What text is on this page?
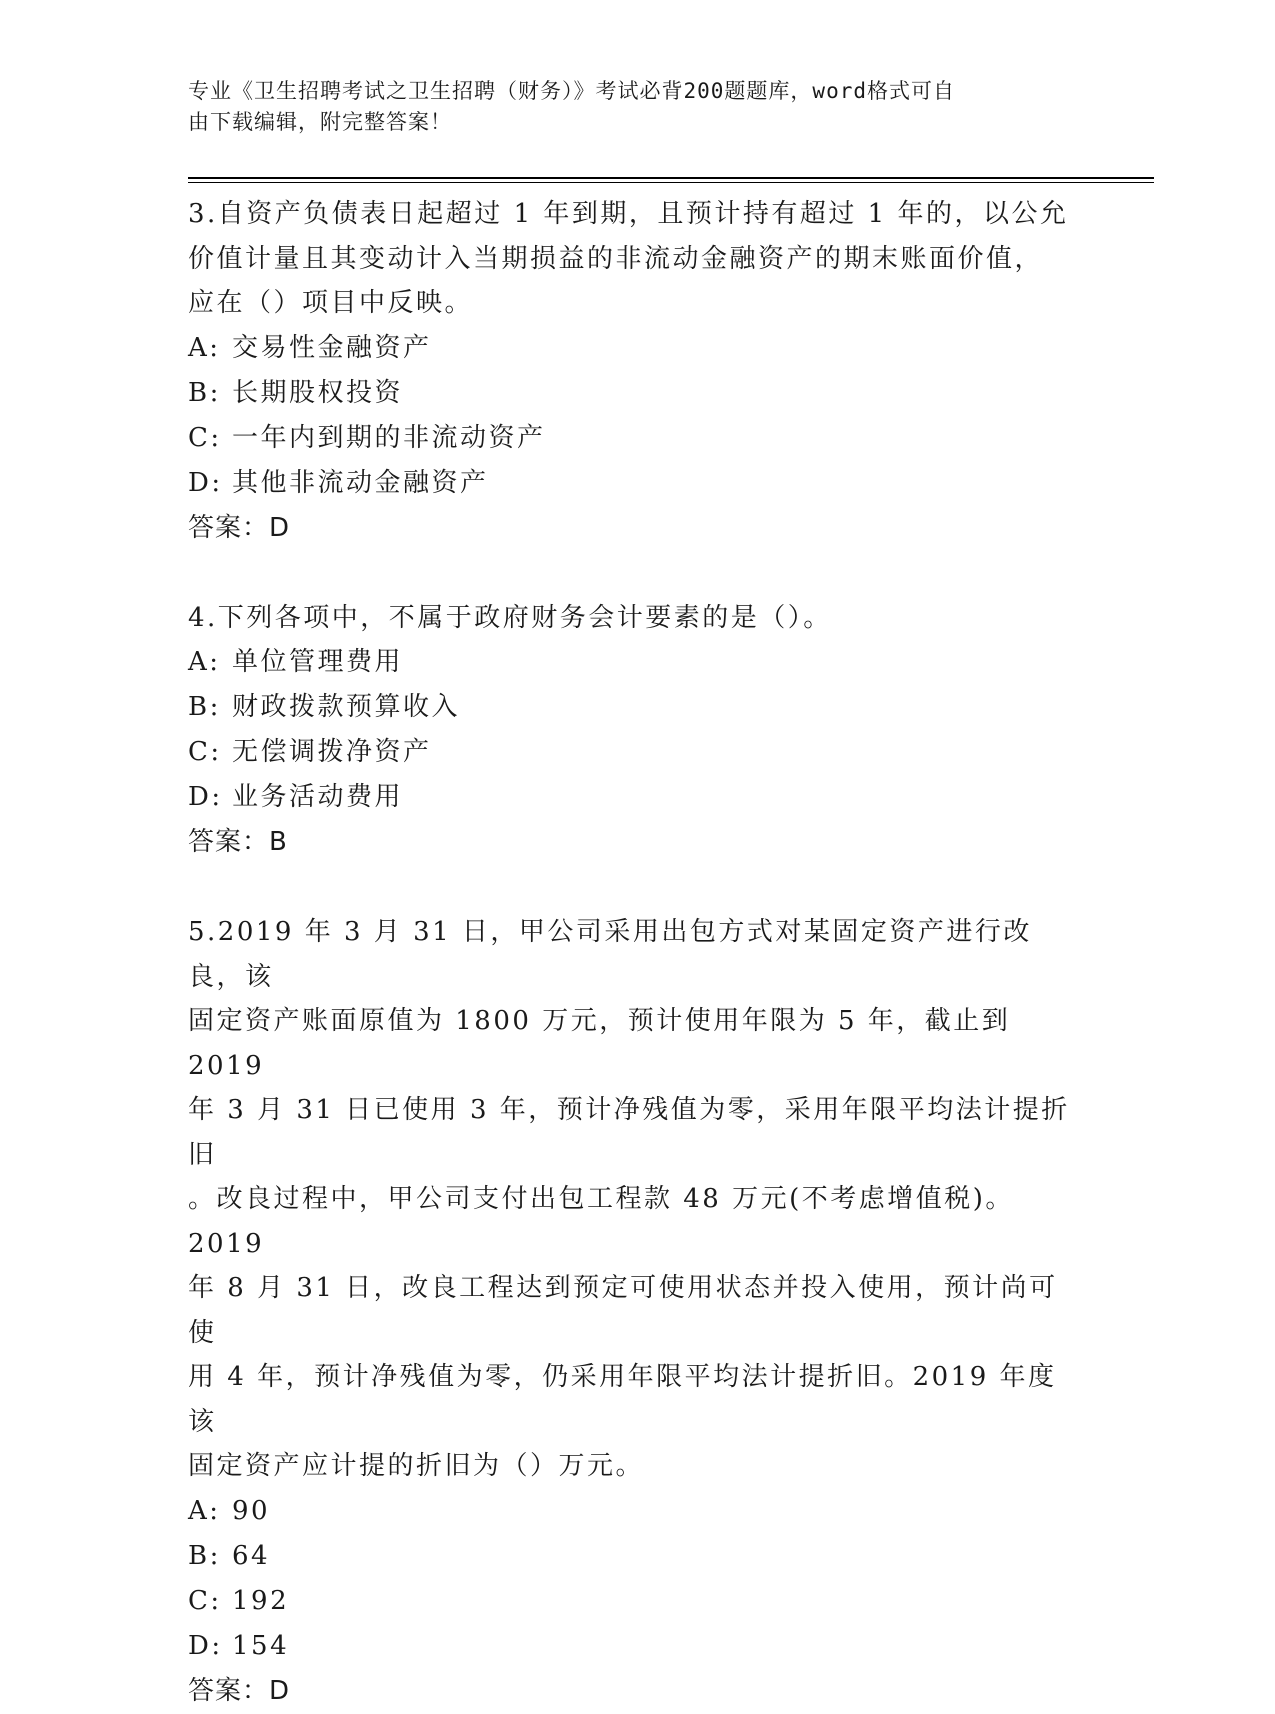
专业《卫生招聘考试之卫生招聘（财务）》考试必背200题题库，word格式可自
由下载编辑，附完整答案！
3.自资产负债表日起超过 1 年到期，且预计持有超过 1 年的，以公允
价值计量且其变动计入当期损益的非流动金融资产的期末账面价值，
应在（）项目中反映。
A: 交易性金融资产
B: 长期股权投资
C: 一年内到期的非流动资产
D: 其他非流动金融资产
答案：D
4.下列各项中，不属于政府财务会计要素的是（）。
A: 单位管理费用
B: 财政拨款预算收入
C: 无偿调拨净资产
D: 业务活动费用
答案：B
5.2019 年 3 月 31 日，甲公司采用出包方式对某固定资产进行改良，该
固定资产账面原值为 1800 万元，预计使用年限为 5 年，截止到 2019
年 3 月 31 日已使用 3 年，预计净残值为零，采用年限平均法计提折旧
。改良过程中，甲公司支付出包工程款 48 万元(不考虑增值税)。2019
年 8 月 31 日，改良工程达到预定可使用状态并投入使用，预计尚可使
用 4 年，预计净残值为零，仍采用年限平均法计提折旧。2019 年度该
固定资产应计提的折旧为（）万元。
A: 90
B: 64
C: 192
D: 154
答案：D
